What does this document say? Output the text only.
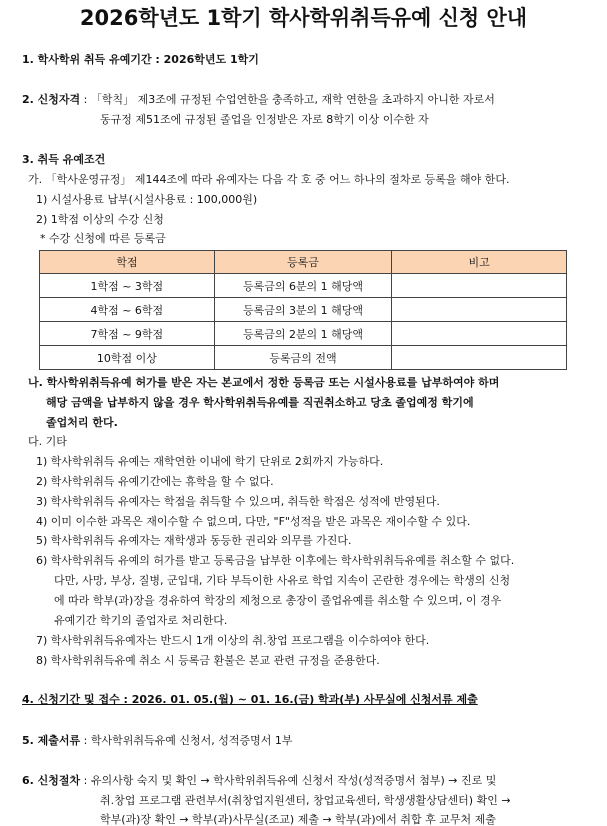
2026학년도 1학기 학사학위취득유예 신청 안내
1. 학사학위 취득 유예기간 : 2026학년도 1학기
2. 신청자격 : 「학칙」 제3조에 규정된 수업연한을 충족하고, 재학 연한을 초과하지 아니한 자로서
동규정 제51조에 규정된 졸업을 인정받은 자로 8학기 이상 이수한 자
3. 취득 유예조건
가. 「학사운영규정」 제144조에 따라 유예자는 다음 각 호 중 어느 하나의 절차로 등록을 해야 한다.
1) 시설사용료 납부(시설사용료 : 100,000원)
2) 1학점 이상의 수강 신청
* 수강 신청에 따른 등록금
학점	등록금	비고
1학점 ~ 3학점	등록금의 6분의 1 해당액	
4학점 ~ 6학점	등록금의 3분의 1 해당액	
7학점 ~ 9학점	등록금의 2분의 1 해당액	
10학점 이상	등록금의 전액	
나. 학사학위취득유예 허가를 받은 자는 본교에서 정한 등록금 또는 시설사용료를 납부하여야 하며
해당 금액을 납부하지 않을 경우 학사학위취득유예를 직권취소하고 당초 졸업예정 학기에
졸업처리 한다.
다. 기타
1) 학사학위취득 유예는 재학연한 이내에 학기 단위로 2회까지 가능하다.
2) 학사학위취득 유예기간에는 휴학을 할 수 없다.
3) 학사학위취득 유예자는 학점을 취득할 수 있으며, 취득한 학점은 성적에 반영된다.
4) 이미 이수한 과목은 재이수할 수 없으며, 다만, "F"성적을 받은 과목은 재이수할 수 있다.
5) 학사학위취득 유예자는 재학생과 동등한 권리와 의무를 가진다.
6) 학사학위취득 유예의 허가를 받고 등록금을 납부한 이후에는 학사학위취득유예를 취소할 수 없다.
다만, 사망, 부상, 질병, 군입대, 기타 부득이한 사유로 학업 지속이 곤란한 경우에는 학생의 신청
에 따라 학부(과)장을 경유하여 학장의 제청으로 총장이 졸업유예를 취소할 수 있으며, 이 경우
유예기간 학기의 졸업자로 처리한다.
7) 학사학위취득유예자는 반드시 1개 이상의 취.창업 프로그램을 이수하여야 한다.
8) 학사학위취득유예 취소 시 등록금 환불은 본교 관련 규정을 준용한다.
4. 신청기간 및 접수 : 2026. 01. 05.(월) ~ 01. 16.(금) 학과(부) 사무실에 신청서류 제출
5. 제출서류 : 학사학위취득유예 신청서, 성적증명서 1부
6. 신청절차 : 유의사항 숙지 및 확인 → 학사학위취득유예 신청서 작성(성적증명서 첨부) → 진로 및
취.창업 프로그램 관련부서(취창업지원센터, 창업교육센터, 학생생활상담센터) 확인 →
학부(과)장 확인 → 학부(과)사무실(조교) 제출 → 학부(과)에서 취합 후 교무처 제출
